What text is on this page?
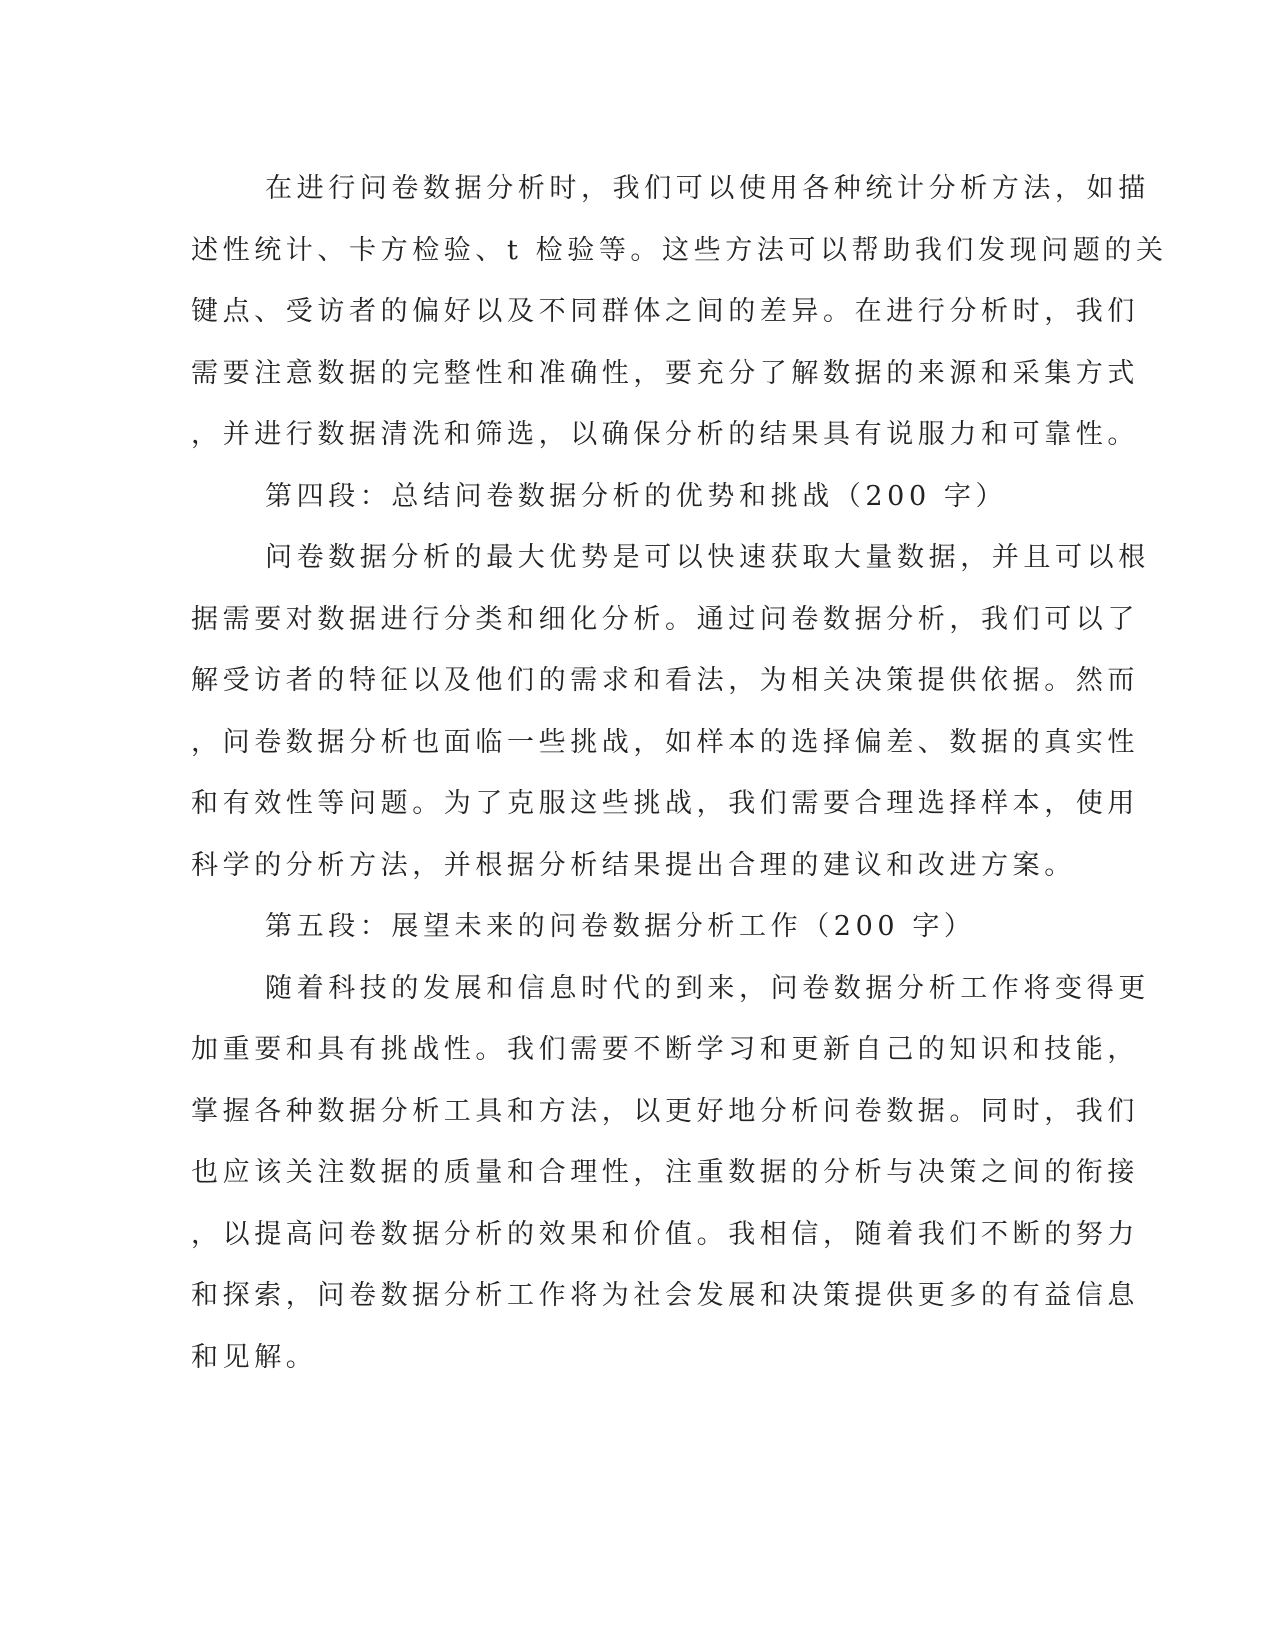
在进行问卷数据分析时，我们可以使用各种统计分析方法，如描
述性统计、卡方检验、t 检验等。这些方法可以帮助我们发现问题的关
键点、受访者的偏好以及不同群体之间的差异。在进行分析时，我们
需要注意数据的完整性和准确性，要充分了解数据的来源和采集方式
，并进行数据清洗和筛选，以确保分析的结果具有说服力和可靠性。
第四段：总结问卷数据分析的优势和挑战（200 字）
问卷数据分析的最大优势是可以快速获取大量数据，并且可以根
据需要对数据进行分类和细化分析。通过问卷数据分析，我们可以了
解受访者的特征以及他们的需求和看法，为相关决策提供依据。然而
，问卷数据分析也面临一些挑战，如样本的选择偏差、数据的真实性
和有效性等问题。为了克服这些挑战，我们需要合理选择样本，使用
科学的分析方法，并根据分析结果提出合理的建议和改进方案。
第五段：展望未来的问卷数据分析工作（200 字）
随着科技的发展和信息时代的到来，问卷数据分析工作将变得更
加重要和具有挑战性。我们需要不断学习和更新自己的知识和技能，
掌握各种数据分析工具和方法，以更好地分析问卷数据。同时，我们
也应该关注数据的质量和合理性，注重数据的分析与决策之间的衔接
，以提高问卷数据分析的效果和价值。我相信，随着我们不断的努力
和探索，问卷数据分析工作将为社会发展和决策提供更多的有益信息
和见解。
